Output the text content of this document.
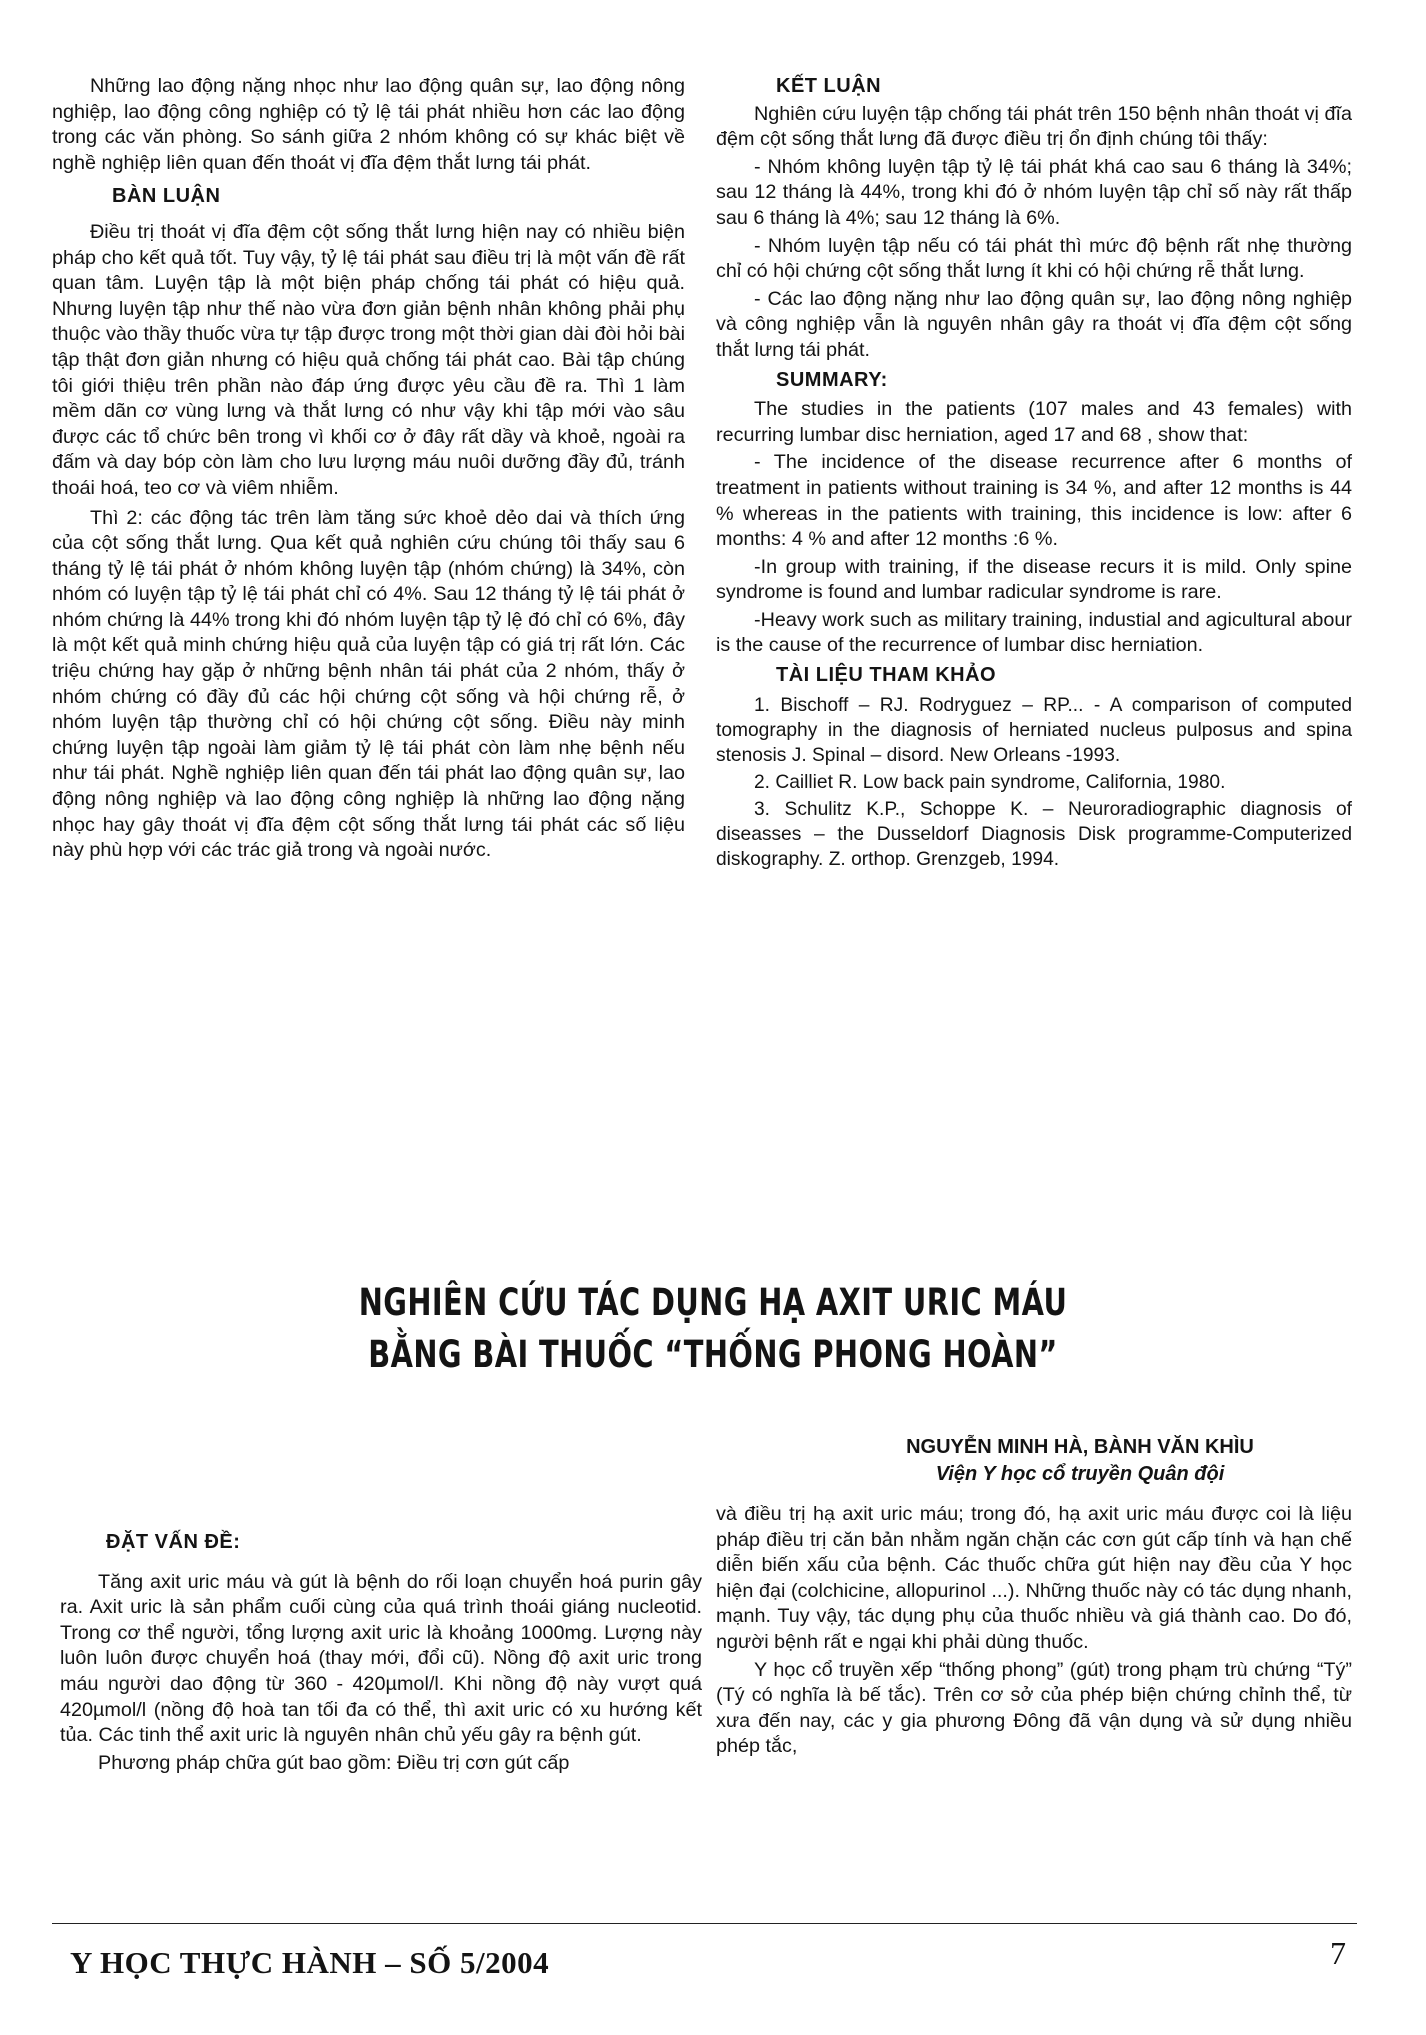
Những lao động nặng nhọc như lao động quân sự, lao động nông nghiệp, lao động công nghiệp có tỷ lệ tái phát nhiều hơn các lao động trong các văn phòng. So sánh giữa 2 nhóm không có sự khác biệt về nghề nghiệp liên quan đến thoát vị đĩa đệm thắt lưng tái phát.

BÀN LUẬN

Điều trị thoát vị đĩa đệm cột sống thắt lưng hiện nay có nhiều biện pháp cho kết quả tốt. Tuy vậy, tỷ lệ tái phát sau điều trị là một vấn đề rất quan tâm. Luyện tập là một biện pháp chống tái phát có hiệu quả. Nhưng luyện tập như thế nào vừa đơn giản bệnh nhân không phải phụ thuộc vào thầy thuốc vừa tự tập được trong một thời gian dài đòi hỏi bài tập thật đơn giản nhưng có hiệu quả chống tái phát cao. Bài tập chúng tôi giới thiệu trên phần nào đáp ứng được yêu cầu đề ra. Thì 1 làm mềm dãn cơ vùng lưng và thắt lưng có như vậy khi tập mới vào sâu được các tổ chức bên trong vì khối cơ ở đây rất dầy và khoẻ, ngoài ra đấm và day bóp còn làm cho lưu lượng máu nuôi dưỡng đầy đủ, tránh thoái hoá, teo cơ và viêm nhiễm.

Thì 2: các động tác trên làm tăng sức khoẻ dẻo dai và thích ứng của cột sống thắt lưng. Qua kết quả nghiên cứu chúng tôi thấy sau 6 tháng tỷ lệ tái phát ở nhóm không luyện tập (nhóm chứng) là 34%, còn nhóm có luyện tập tỷ lệ tái phát chỉ có 4%. Sau 12 tháng tỷ lệ tái phát ở nhóm chứng là 44% trong khi đó nhóm luyện tập tỷ lệ đó chỉ có 6%, đây là một kết quả minh chứng hiệu quả của luyện tập có giá trị rất lớn. Các triệu chứng hay gặp ở những bệnh nhân tái phát của 2 nhóm, thấy ở nhóm chứng có đầy đủ các hội chứng cột sống và hội chứng rễ, ở nhóm luyện tập thường chỉ có hội chứng cột sống. Điều này minh chứng luyện tập ngoài làm giảm tỷ lệ tái phát còn làm nhẹ bệnh nếu như tái phát. Nghề nghiệp liên quan đến tái phát lao động quân sự, lao động nông nghiệp và lao động công nghiệp là những lao động nặng nhọc hay gây thoát vị đĩa đệm cột sống thắt lưng tái phát các số liệu này phù hợp với các trác giả trong và ngoài nước.

KẾT LUẬN

Nghiên cứu luyện tập chống tái phát trên 150 bệnh nhân thoát vị đĩa đệm cột sống thắt lưng đã được điều trị ổn định chúng tôi thấy:

- Nhóm không luyện tập tỷ lệ tái phát khá cao sau 6 tháng là 34%; sau 12 tháng là 44%, trong khi đó ở nhóm luyện tập chỉ số này rất thấp sau 6 tháng là 4%; sau 12 tháng là 6%.

- Nhóm luyện tập nếu có tái phát thì mức độ bệnh rất nhẹ thường chỉ có hội chứng cột sống thắt lưng ít khi có hội chứng rễ thắt lưng.

- Các lao động nặng như lao động quân sự, lao động nông nghiệp và công nghiệp vẫn là nguyên nhân gây ra thoát vị đĩa đệm cột sống thắt lưng tái phát.

SUMMARY:

The studies in the patients (107 males and 43 females) with recurring lumbar disc herniation, aged 17 and 68 , show that:

- The incidence of the disease recurrence after 6 months of treatment in patients without training is 34 %, and after 12 months is 44 % whereas in the patients with training, this incidence is low: after 6 months: 4 % and after 12 months :6 %.

-In group with training, if the disease recurs it is mild. Only spine syndrome is found and lumbar radicular syndrome is rare.

-Heavy work such as military training, industial and agicultural abour is the cause of the recurrence of lumbar disc herniation.

TÀI LIỆU THAM KHẢO

1. Bischoff – RJ. Rodryguez – RP... - A comparison of computed tomography in the diagnosis of herniated nucleus pulposus and spina stenosis J. Spinal – disord. New Orleans -1993.

2. Cailliet R. Low back pain syndrome, California, 1980.

3. Schulitz K.P., Schoppe K. – Neuroradiographic diagnosis of diseasses – the Dusseldorf Diagnosis Disk programme-Computerized diskography. Z. orthop. Grenzgeb, 1994.

NGHIÊN CỨU TÁC DỤNG HẠ AXIT URIC MÁU
BẰNG BÀI THUỐC “THỐNG PHONG HOÀN”
NGUYỄN MINH HÀ, BÀNH VĂN KHÌU
Viện Y học cổ truyền Quân đội
ĐẶT VẤN ĐỀ:

Tăng axit uric máu và gút là bệnh do rối loạn chuyển hoá purin gây ra. Axit uric là sản phẩm cuối cùng của quá trình thoái giáng nucleotid. Trong cơ thể người, tổng lượng axit uric là khoảng 1000mg. Lượng này luôn luôn được chuyển hoá (thay mới, đổi cũ). Nồng độ axit uric trong máu người dao động từ 360 - 420µmol/l. Khi nồng độ này vượt quá 420µmol/l (nồng độ hoà tan tối đa có thể, thì axit uric có xu hướng kết tủa. Các tinh thể axit uric là nguyên nhân chủ yếu gây ra bệnh gút.

Phương pháp chữa gút bao gồm: Điều trị cơn gút cấp

và điều trị hạ axit uric máu; trong đó, hạ axit uric máu được coi là liệu pháp điều trị căn bản nhằm ngăn chặn các cơn gút cấp tính và hạn chế diễn biến xấu của bệnh. Các thuốc chữa gút hiện nay đều của Y học hiện đại (colchicine, allopurinol ...). Những thuốc này có tác dụng nhanh, mạnh. Tuy vậy, tác dụng phụ của thuốc nhiều và giá thành cao. Do đó, người bệnh rất e ngại khi phải dùng thuốc.

Y học cổ truyền xếp “thống phong” (gút) trong phạm trù chứng “Tý” (Tý có nghĩa là bế tắc). Trên cơ sở của phép biện chứng chỉnh thể, từ xưa đến nay, các y gia phương Đông đã vận dụng và sử dụng nhiều phép tắc,

Y HỌC THỰC HÀNH – SỐ 5/2004	7
